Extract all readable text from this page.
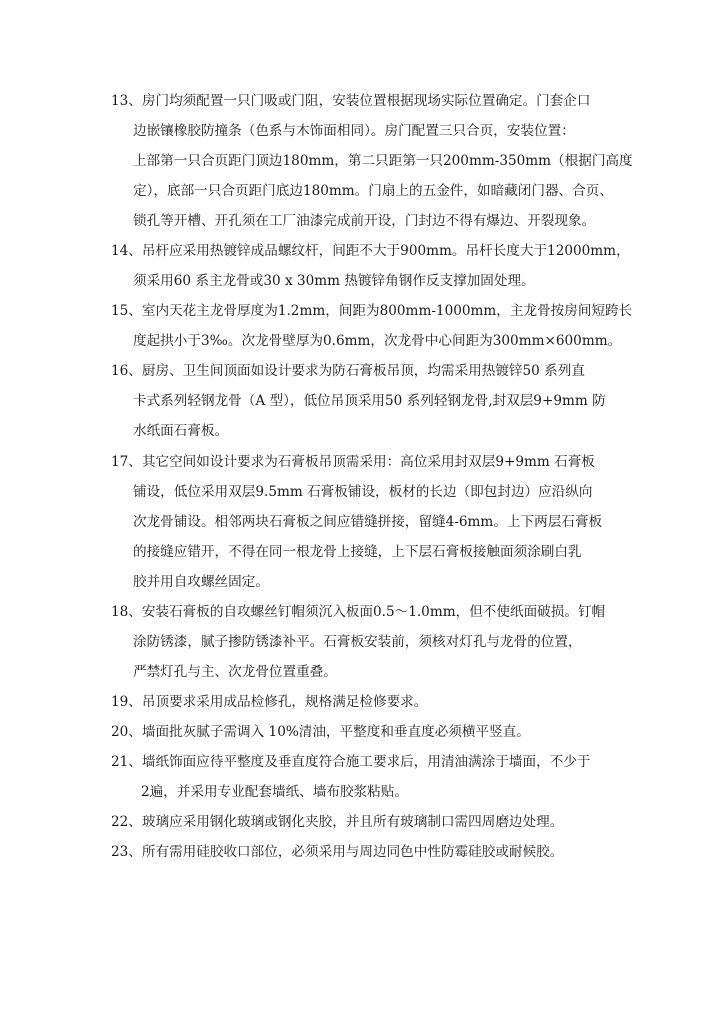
13、房门均须配置一只门吸或门阻，安装位置根据现场实际位置确定。门套企口
边嵌镶橡胶防撞条（色系与木饰面相同）。房门配置三只合页，安装位置：
上部第一只合页距门顶边180mm，第二只距第一只200mm-350mm（根据门高度
定），底部一只合页距门底边180mm。门扇上的五金件，如暗藏闭门器、合页、
锁孔等开槽、开孔须在工厂油漆完成前开设，门封边不得有爆边、开裂现象。
14、吊杆应采用热镀锌成品螺纹杆，间距不大于900mm。吊杆长度大于12000mm，
须采用60 系主龙骨或30 x 30mm 热镀锌角钢作反支撑加固处理。
15、室内天花主龙骨厚度为1.2mm，间距为800mm-1000mm，主龙骨按房间短跨长
度起拱小于3‰。次龙骨壁厚为0.6mm，次龙骨中心间距为300mm×600mm。
16、厨房、卫生间顶面如设计要求为防石膏板吊顶，均需采用热镀锌50 系列直
卡式系列轻钢龙骨（A 型），低位吊顶采用50 系列轻钢龙骨,封双层9+9mm 防
水纸面石膏板。
17、其它空间如设计要求为石膏板吊顶需采用：高位采用封双层9+9mm 石膏板
铺设，低位采用双层9.5mm 石膏板铺设，板材的长边（即包封边）应沿纵向
次龙骨铺设。相邻两块石膏板之间应错缝拼接，留缝4-6mm。上下两层石膏板
的接缝应错开，不得在同一根龙骨上接缝，上下层石膏板接触面须涂刷白乳
胶并用自攻螺丝固定。
18、安装石膏板的自攻螺丝钉帽须沉入板面0.5～1.0mm，但不使纸面破损。钉帽
涂防锈漆，腻子掺防锈漆补平。石膏板安装前，须核对灯孔与龙骨的位置，
严禁灯孔与主、次龙骨位置重叠。
19、吊顶要求采用成品检修孔，规格满足检修要求。
20、墙面批灰腻子需调入 10%清油，平整度和垂直度必须横平竖直。
21、墙纸饰面应待平整度及垂直度符合施工要求后，用清油满涂于墙面，不少于
2遍，并采用专业配套墙纸、墙布胶浆粘贴。
22、玻璃应采用钢化玻璃或钢化夹胶，并且所有玻璃制口需四周磨边处理。
23、所有需用硅胶收口部位，必须采用与周边同色中性防霉硅胶或耐候胶。
